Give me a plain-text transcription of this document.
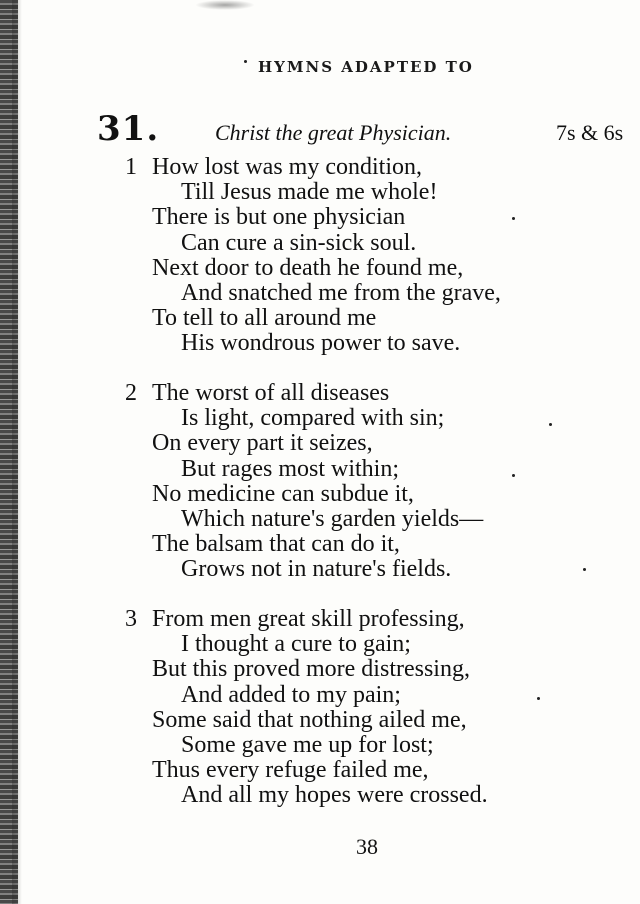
HYMNS ADAPTED TO
31.	Christ the great Physician.	7s & 6s
1 How lost was my condition,
Till Jesus made me whole!
There is but one physician
Can cure a sin-sick soul.
Next door to death he found me,
And snatched me from the grave,
To tell to all around me
His wondrous power to save.
2 The worst of all diseases
Is light, compared with sin;
On every part it seizes,
But rages most within;
No medicine can subdue it,
Which nature's garden yields—
The balsam that can do it,
Grows not in nature's fields.
3 From men great skill professing,
I thought a cure to gain;
But this proved more distressing,
And added to my pain;
Some said that nothing ailed me,
Some gave me up for lost;
Thus every refuge failed me,
And all my hopes were crossed.
38
